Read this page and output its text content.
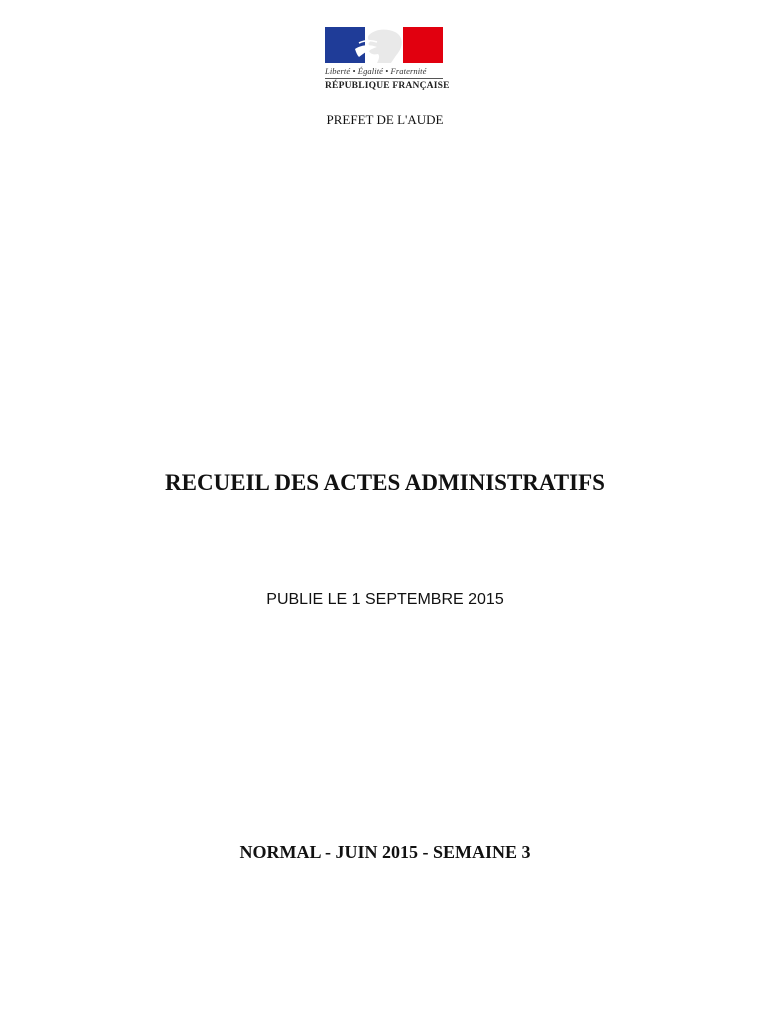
Liberté • Égalité • Fraternité
RÉPUBLIQUE FRANÇAISE
PREFET DE L'AUDE
RECUEIL DES ACTES ADMINISTRATIFS
PUBLIE LE 1 SEPTEMBRE 2015
NORMAL - JUIN 2015 - SEMAINE 3
